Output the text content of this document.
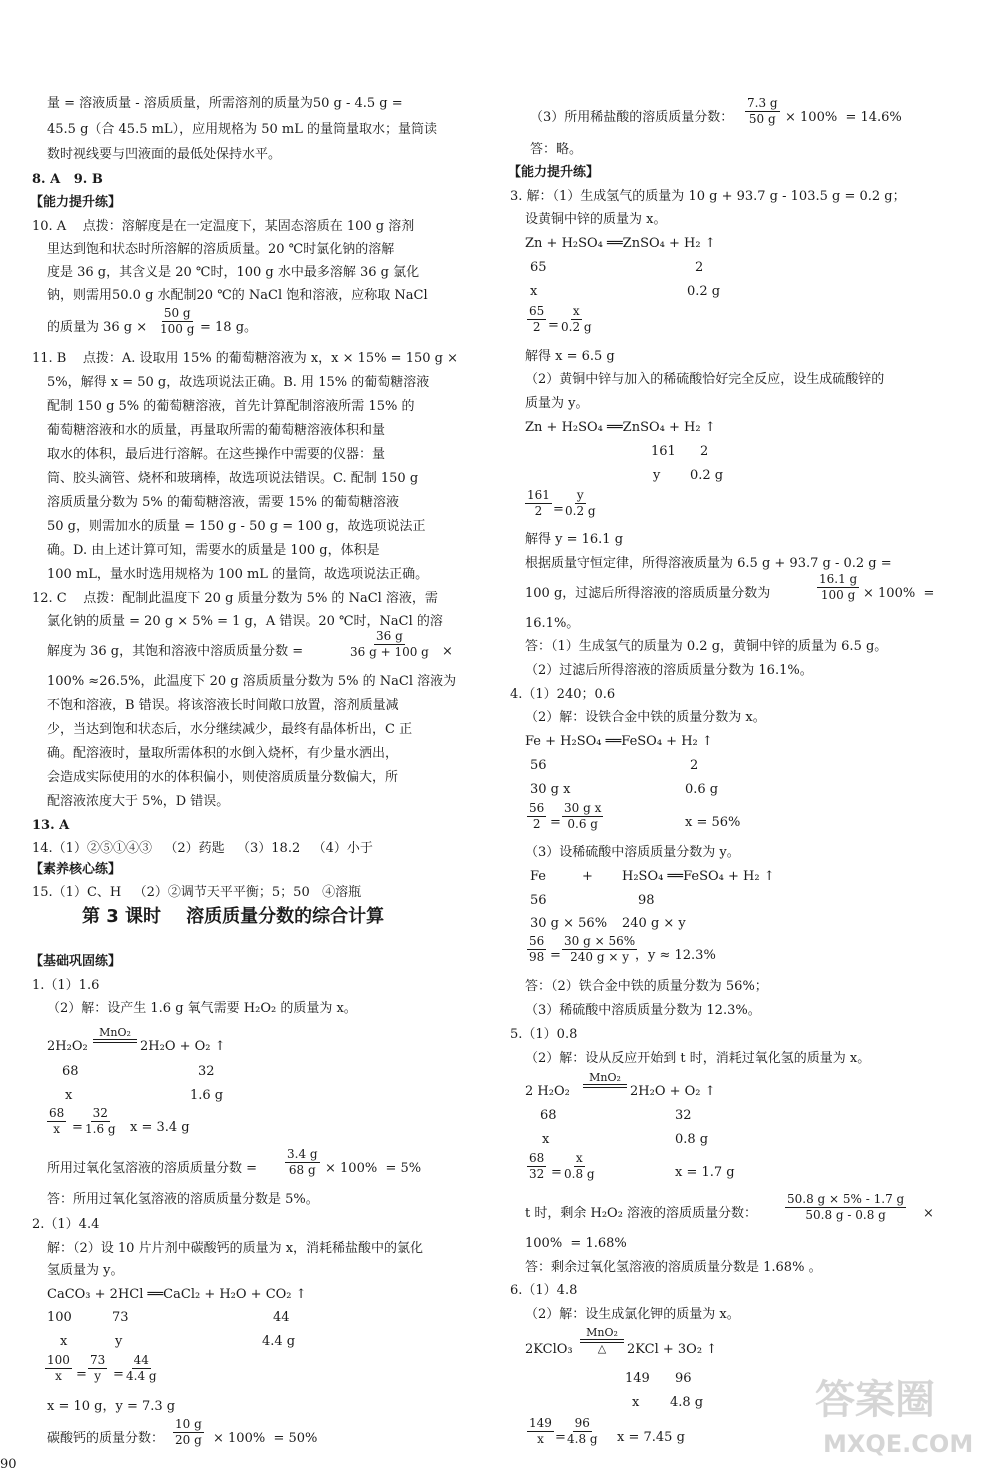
量 = 溶液质量 - 溶质质量，所需溶剂的质量为50 g - 4.5 g =
45.5 g（合 45.5 mL），应用规格为 50 mL 的量筒量取水；量筒读
数时视线要与凹液面的最低处保持水平。
8. A   9. B
【能力提升练】
10. A    点拨：溶解度是在一定温度下，某固态溶质在 100 g 溶剂
里达到饱和状态时所溶解的溶质质量。20 ℃时氯化钠的溶解
度是 36 g，其含义是 20 ℃时，100 g 水中最多溶解 36 g 氯化
钠，则需用50.0 g 水配制20 ℃的 NaCl 饱和溶液，应称取 NaCl
的质量为 36 $g \times \frac{50 g}{100 g} = 18$ g。
11. B    点拨：A. 设取用 15% 的葡萄糖溶液为 x，x × 15% = 150 g ×
5%，解得 x = 50 g，故选项说法正确。B. 用 15% 的葡萄糖溶液
配制 150 g 5% 的葡萄糖溶液，首先计算配制溶液所需 15% 的
葡萄糖溶液和水的质量，再量取所需的葡萄糖溶液体积和量
取水的体积，最后进行溶解。在这些操作中需要的仪器：量
筒、胶头滴管、烧杯和玻璃棒，故选项说法错误。C. 配制 150 g
溶质质量分数为 5% 的葡萄糖溶液，需要 15% 的葡萄糖溶液
50 g，则需加水的质量 = 150 g - 50 g = 100 g，故选项说法正
确。D. 由上述计算可知，需要水的质量是 100 g，体积是
100 mL，量水时选用规格为 100 mL 的量筒，故选项说法正确。
12. C    点拨：配制此温度下 20 g 质量分数为 5% 的 NaCl 溶液，需
氯化钠的质量 = 20 g × 5% = 1 g，A 错误。20 ℃时，NaCl 的溶
解度为 36 g，其饱和溶液中溶质质量分数 =	$\frac{36 g}{36 g + 100 g}$ ×
100% ≈26.5%，此温度下 20 g 溶质质量分数为 5% 的 NaCl 溶液为
不饱和溶液，B 错误。将该溶液长时间敞口放置，溶剂质量减
少，当达到饱和状态后，水分继续减少，最终有晶体析出，C 正
确。配溶液时，量取所需体积的水倒入烧杯，有少量水洒出，
会造成实际使用的水的体积偏小，则使溶质质量分数偏大，所
配溶液浓度大于 5%，D 错误。
13. A
14.（1）②⑤①④③   （2）药匙   （3）18.2   （4）小于
【素养核心练】
15.（1）C、H   （2）②调节天平平衡；5；50   ④溶瓶
第 3 课时    溶质质量分数的综合计算
【基础巩固练】
1.（1）1.6
（2）解：设产生 1.6 g 氧气需要 H₂O₂ 的质量为 x。
2H₂O₂
MnO₂
2H₂O + O₂ ↑
68	32
x	1.6 g
$\frac{68}{x} = \frac{32}{1.6 g}$ x = 3.4 g
所用过氧化氢溶液的溶质质量分数 = $\frac{3.4 g}{68 g} \times 100\% = 5\%$
答：所用过氧化氢溶液的溶质质量分数是 5%。
2.（1）4.4
解：（2）设 10 片片剂中碳酸钙的质量为 x，消耗稀盐酸中的氯化
氢质量为 y。
CaCO₃ + 2HCl ══CaCl₂ + H₂O + CO₂ ↑
100	73	44
x	y	4.4 g
$\frac{100}{x} = \frac{73}{y} = \frac{44}{4.4 g}$
x = 10 g，y = 7.3 g
碳酸钙的质量分数： $\frac{10 g}{20 g} \times 100\% = 50\%$
（3）所用稀盐酸的溶质质量分数： $\frac{7.3 g}{50 g} \times 100\% = 14.6\%$
答：略。
【能力提升练】
3. 解：（1）生成氢气的质量为 10 g + 93.7 g - 103.5 g = 0.2 g；
设黄铜中锌的质量为 x。
Zn + H₂SO₄ ══ZnSO₄ + H₂ ↑
65	2
x	0.2 g
$\frac{65}{2} = \frac{x}{0.2 g}$
解得 x = 6.5 g
（2）黄铜中锌与加入的稀硫酸恰好完全反应，设生成硫酸锌的
质量为 y。
Zn + H₂SO₄ ══ZnSO₄ + H₂ ↑
161 2
y 0.2 g
$\frac{161}{2} = \frac{y}{0.2 g}$
解得 y = 16.1 g
根据质量守恒定律，所得溶液质量为 6.5 g + 93.7 g - 0.2 g =
100 g，过滤后所得溶液的溶质质量分数为	$\frac{16.1 g}{100 g} \times 100\%$  =
16.1%。
答：（1）生成氢气的质量为 0.2 g，黄铜中锌的质量为 6.5 g。
（2）过滤后所得溶液的溶质质量分数为 16.1%。
4.（1）240；0.6
（2）解：设铁合金中铁的质量分数为 x。
Fe + H₂SO₄ ══FeSO₄ + H₂ ↑
56	2
30 g x	0.6 g
$\frac{56}{2} = \frac{\text{30 g x}}{0.6 g}$	x = 56%
（3）设稀硫酸中溶质质量分数为 y。
Fe	+ H₂SO₄ ══FeSO₄ + H₂ ↑
56	98
30 g × 56% 240 g × y
$\frac{56}{98} = \frac{30 g \times 56\%}{240 g \times y}$
，y ≈ 12.3%
答：（2）铁合金中铁的质量分数为 56%；
（3）稀硫酸中溶质质量分数为 12.3%。
5.（1）0.8
（2）解：设从反应开始到 t 时，消耗过氧化氢的质量为 x。
2 H₂O₂
MnO₂
2H₂O + O₂ ↑
68	32
x	0.8 g
$\frac{68}{32} = \frac{x}{0.8 g}$	x = 1.7 g
t 时，剩余 H₂O₂ 溶液的溶质质量分数： $\frac{50.8 g \times 5\% - 1.7 g}{50.8 g - 0.8 g}$ ×
100%  = 1.68%
答：剩余过氧化氢溶液的溶质质量分数是 1.68% 。
6.（1）4.8
（2）解：设生成氯化钾的质量为 x。
2KClO₃
MnO₂
△ 2KCl + 3O₂ ↑
149 96
x 4.8 g
$\frac{149}{x} = \frac{96}{4.8 g}$ x = 7.45 g
90
答案圈
MXQE.COM
